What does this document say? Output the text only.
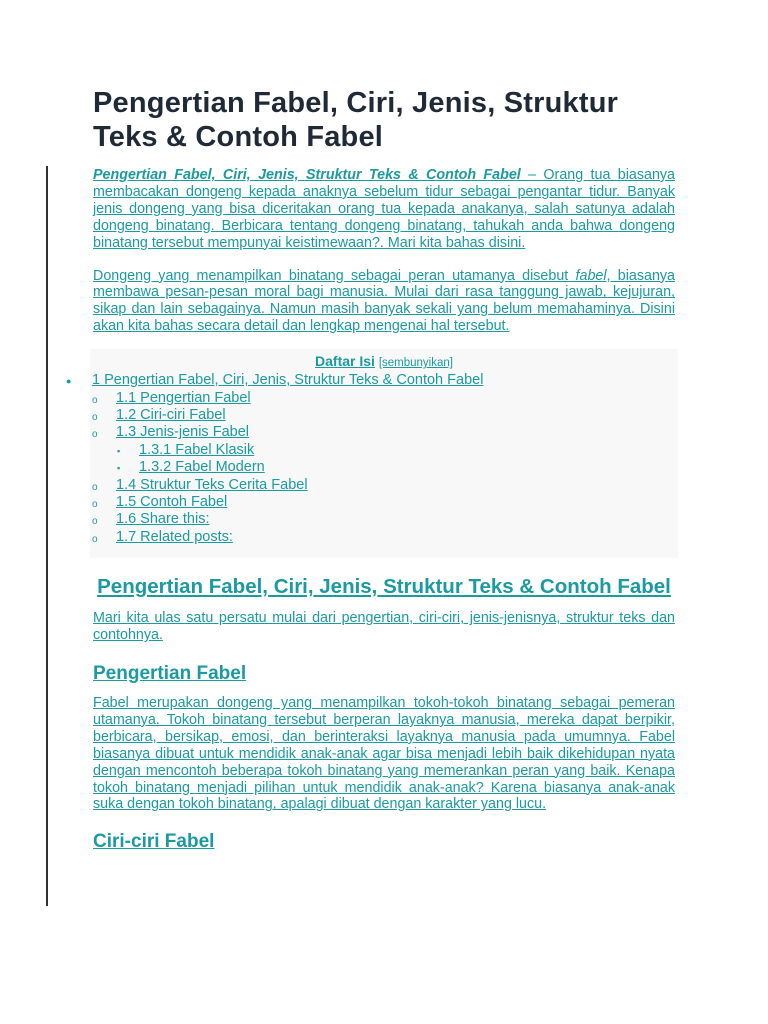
Pengertian Fabel, Ciri, Jenis, Struktur Teks & Contoh Fabel

Pengertian Fabel, Ciri, Jenis, Struktur Teks & Contoh Fabel – Orang tua biasanya membacakan dongeng kepada anaknya sebelum tidur sebagai pengantar tidur. Banyak jenis dongeng yang bisa diceritakan orang tua kepada anakanya, salah satunya adalah dongeng binatang. Berbicara tentang dongeng binatang, tahukah anda bahwa dongeng binatang tersebut mempunyai keistimewaan?. Mari kita bahas disini.

Dongeng yang menampilkan binatang sebagai peran utamanya disebut fabel, biasanya membawa pesan-pesan moral bagi manusia. Mulai dari rasa tanggung jawab, kejujuran, sikap dan lain sebagainya. Namun masih banyak sekali yang belum memahaminya. Disini akan kita bahas secara detail dan lengkap mengenai hal tersebut.

Daftar Isi [sembunyikan]
● 1 Pengertian Fabel, Ciri, Jenis, Struktur Teks & Contoh Fabel
o 1.1 Pengertian Fabel
o 1.2 Ciri-ciri Fabel
o 1.3 Jenis-jenis Fabel
▪ 1.3.1 Fabel Klasik
▪ 1.3.2 Fabel Modern
o 1.4 Struktur Teks Cerita Fabel
o 1.5 Contoh Fabel
o 1.6 Share this:
o 1.7 Related posts:
Pengertian Fabel, Ciri, Jenis, Struktur Teks & Contoh Fabel

Mari kita ulas satu persatu mulai dari pengertian, ciri-ciri, jenis-jenisnya, struktur teks dan contohnya.

Pengertian Fabel

Fabel merupakan dongeng yang menampilkan tokoh-tokoh binatang sebagai pemeran utamanya. Tokoh binatang tersebut berperan layaknya manusia, mereka dapat berpikir, berbicara, bersikap, emosi, dan berinteraksi layaknya manusia pada umumnya. Fabel biasanya dibuat untuk mendidik anak-anak agar bisa menjadi lebih baik dikehidupan nyata dengan mencontoh beberapa tokoh binatang yang memerankan peran yang baik. Kenapa tokoh binatang menjadi pilihan untuk mendidik anak-anak? Karena biasanya anak-anak suka dengan tokoh binatang, apalagi dibuat dengan karakter yang lucu.

Ciri-ciri Fabel
